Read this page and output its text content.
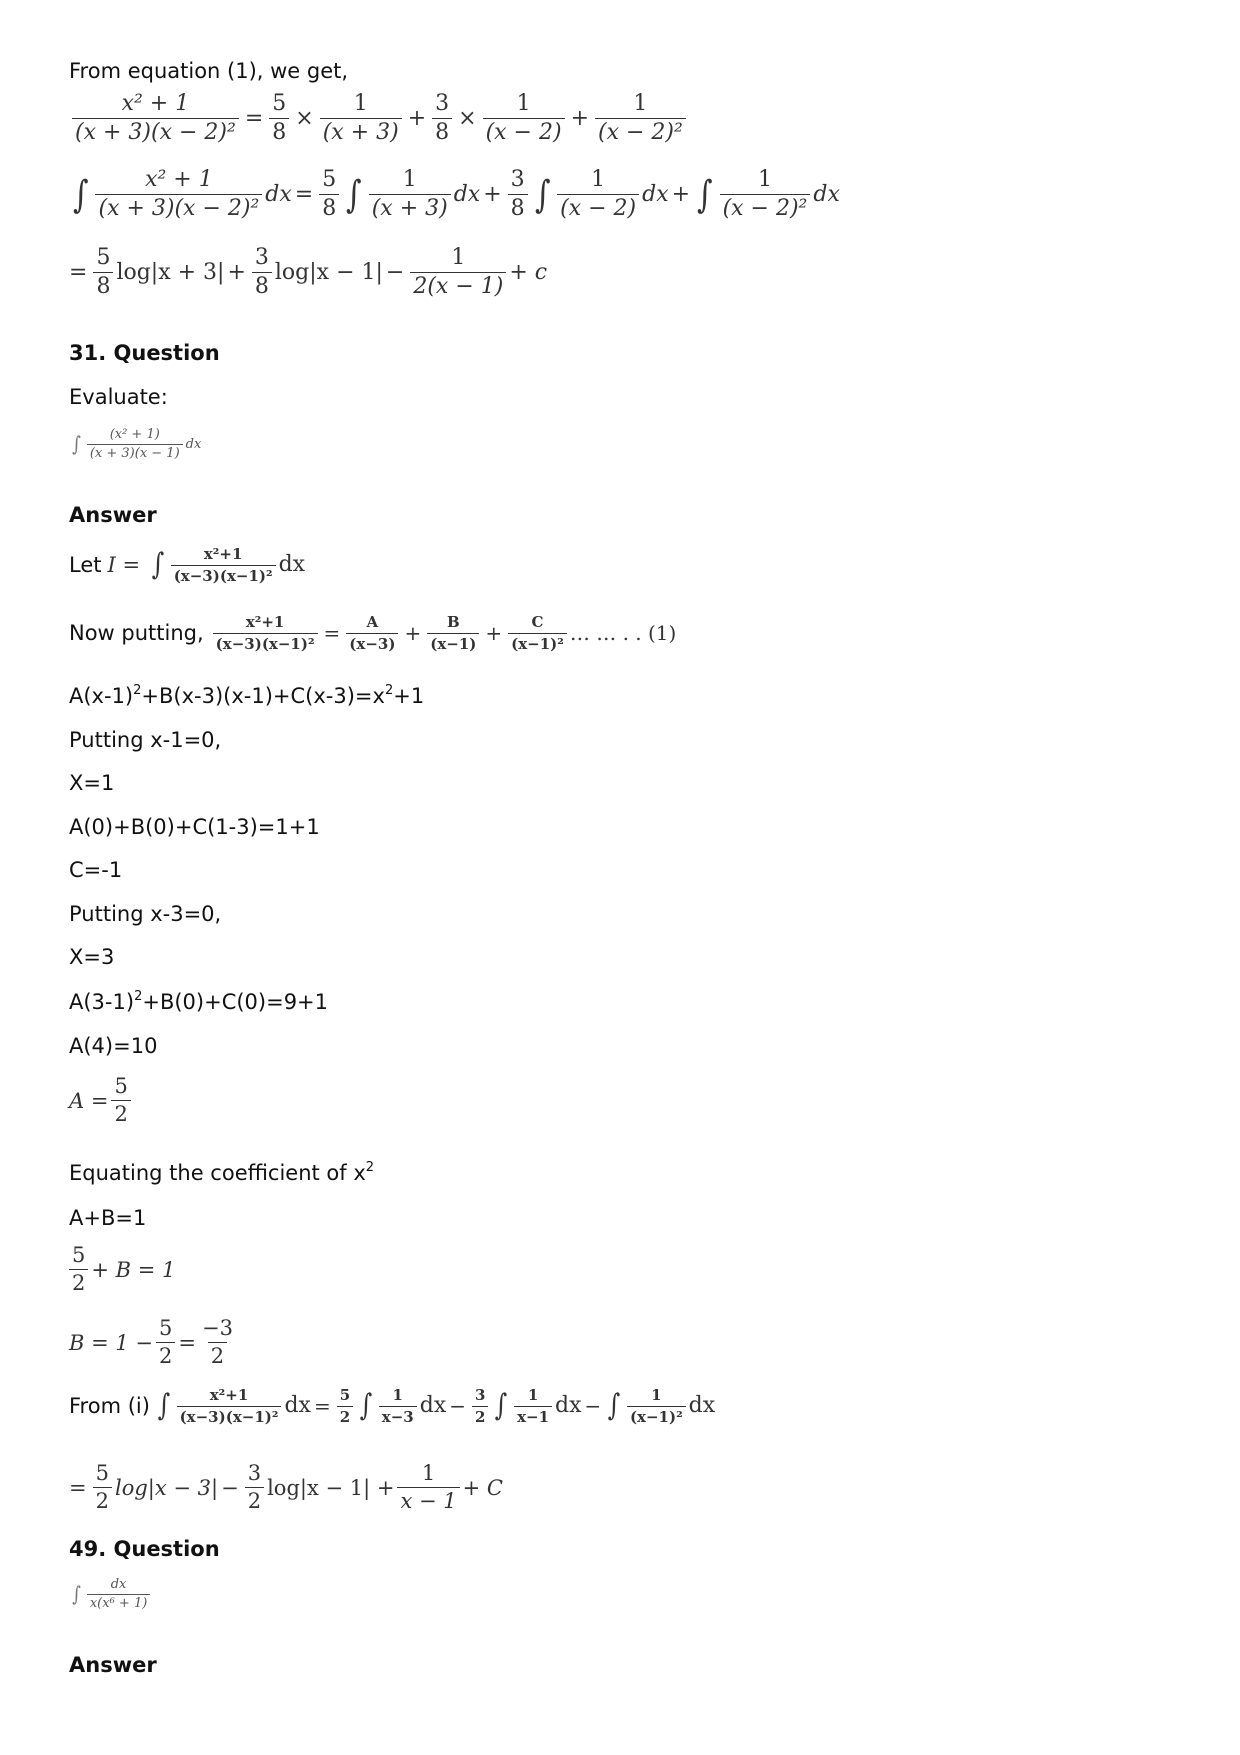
From equation (1), we get,
$\frac{\text{x² + 1}}{\text{(x + 3)(x − 2)²}} = \frac{5}{8} \times \frac{1}{(x + 3)} + \frac{3}{8} \times \frac{1}{(x - 2)} + \frac{1}{\text{(x − 2)²}}$
∫ $\frac{\text{x² + 1}}{\text{(x + 3)(x − 2)²}}$ dx = $\frac{5}{8}$ ∫ $\frac{1}{(x + 3)}$ dx + $\frac{3}{8}$ ∫ $\frac{1}{(x - 2)}$ dx + ∫ $\frac{1}{\text{(x − 2)²}}$ dx
= $\frac{5}{8} \log|x + 3| + \frac{3}{8} \log|x - 1| - \frac{1}{2(x - 1)} + c$
31. Question
Evaluate:
∫ $\frac{\text{(x² + 1)}}{(x + 3)(x - 1)}$ dx
Answer
Let I = ∫ $\frac{\text{x²+1}}{\text{(x−3)(x−1)²}}$ dx
Now putting, $\frac{\text{x²+1}}{\text{(x−3)(x−1)²}} = \frac{A}{(x-3)} + \frac{B}{(x-1)} + \frac{C}{\text{(x−1)²}}$ … … . . (1)
$A(x-1)^2+B(x-3)(x-1)+C(x-3)=x^2+1$
Putting x-1=0,
X=1
A(0)+B(0)+C(1-3)=1+1
C=-1
Putting x-3=0,
X=3
$A(3-1)^2+B(0)+C(0)=9+1$
A(4)=10
$A = \frac{5}{2}$
Equating the coefficient of $x^2$
A+B=1
$\frac{5}{2} + B = 1$
$B = 1 - \frac{5}{2} = \frac{-3}{2}$
From (i) ∫ $\frac{\text{x²+1}}{\text{(x−3)(x−1)²}}$ dx = $\frac{5}{2}$ ∫ $\frac{1}{x-3}$ dx − $\frac{3}{2}$ ∫ $\frac{1}{x-1}$ dx − ∫ $\frac{1}{\text{(x−1)²}}$ dx
= $\frac{5}{2} \log|x - 3| - \frac{3}{2} \log|x - 1| + \frac{1}{x - 1} + C$
49. Question
∫ $\frac{dx}{\text{x(x⁶ + 1)}}$
Answer
